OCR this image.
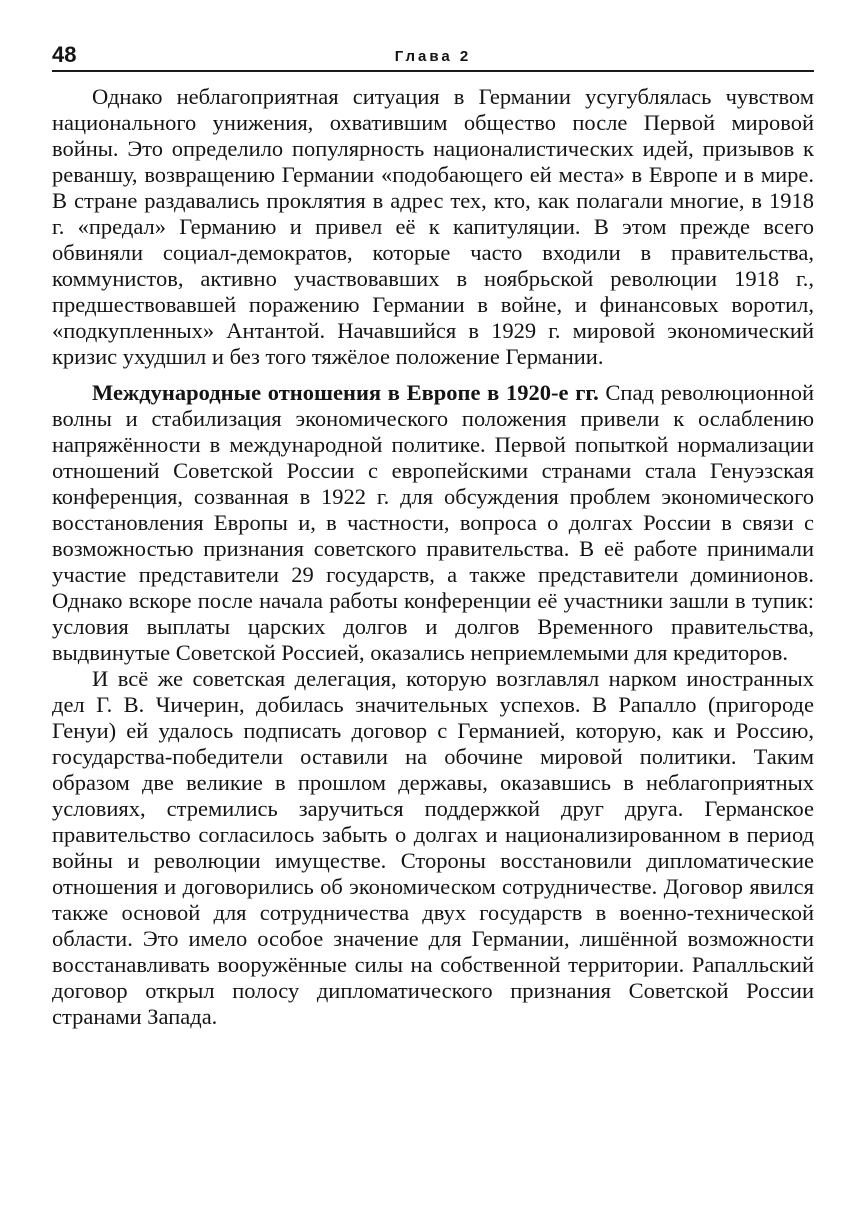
48	Глава 2

Однако неблагоприятная ситуация в Германии усугублялась чувством национального унижения, охватившим общество после Первой мировой войны. Это определило популярность националистических идей, призывов к реваншу, возвращению Германии «подобающего ей места» в Европе и в мире. В стране раздавались проклятия в адрес тех, кто, как полагали многие, в 1918 г. «предал» Германию и привел её к капитуляции. В этом прежде всего обвиняли социал-демократов, которые часто входили в правительства, коммунистов, активно участвовавших в ноябрьской революции 1918 г., предшествовавшей поражению Германии в войне, и финансовых воротил, «подкупленных» Антантой. Начавшийся в 1929 г. мировой экономический кризис ухудшил и без того тяжёлое положение Германии.

Международные отношения в Европе в 1920-е гг. Спад революционной волны и стабилизация экономического положения привели к ослаблению напряжённости в международной политике. Первой попыткой нормализации отношений Советской России с европейскими странами стала Генуэзская конференция, созванная в 1922 г. для обсуждения проблем экономического восстановления Европы и, в частности, вопроса о долгах России в связи с возможностью признания советского правительства. В её работе принимали участие представители 29 государств, а также представители доминионов. Однако вскоре после начала работы конференции её участники зашли в тупик: условия выплаты царских долгов и долгов Временного правительства, выдвинутые Советской Россией, оказались неприемлемыми для кредиторов.

И всё же советская делегация, которую возглавлял нарком иностранных дел Г. В. Чичерин, добилась значительных успехов. В Рапалло (пригороде Генуи) ей удалось подписать договор с Германией, которую, как и Россию, государства-победители оставили на обочине мировой политики. Таким образом две великие в прошлом державы, оказавшись в неблагоприятных условиях, стремились заручиться поддержкой друг друга. Германское правительство согласилось забыть о долгах и национализированном в период войны и революции имуществе. Стороны восстановили дипломатические отношения и договорились об экономическом сотрудничестве. Договор явился также основой для сотрудничества двух государств в военно-технической области. Это имело особое значение для Германии, лишённой возможности восстанавливать вооружённые силы на собственной территории. Рапалльский договор открыл полосу дипломатического признания Советской России странами Запада.
